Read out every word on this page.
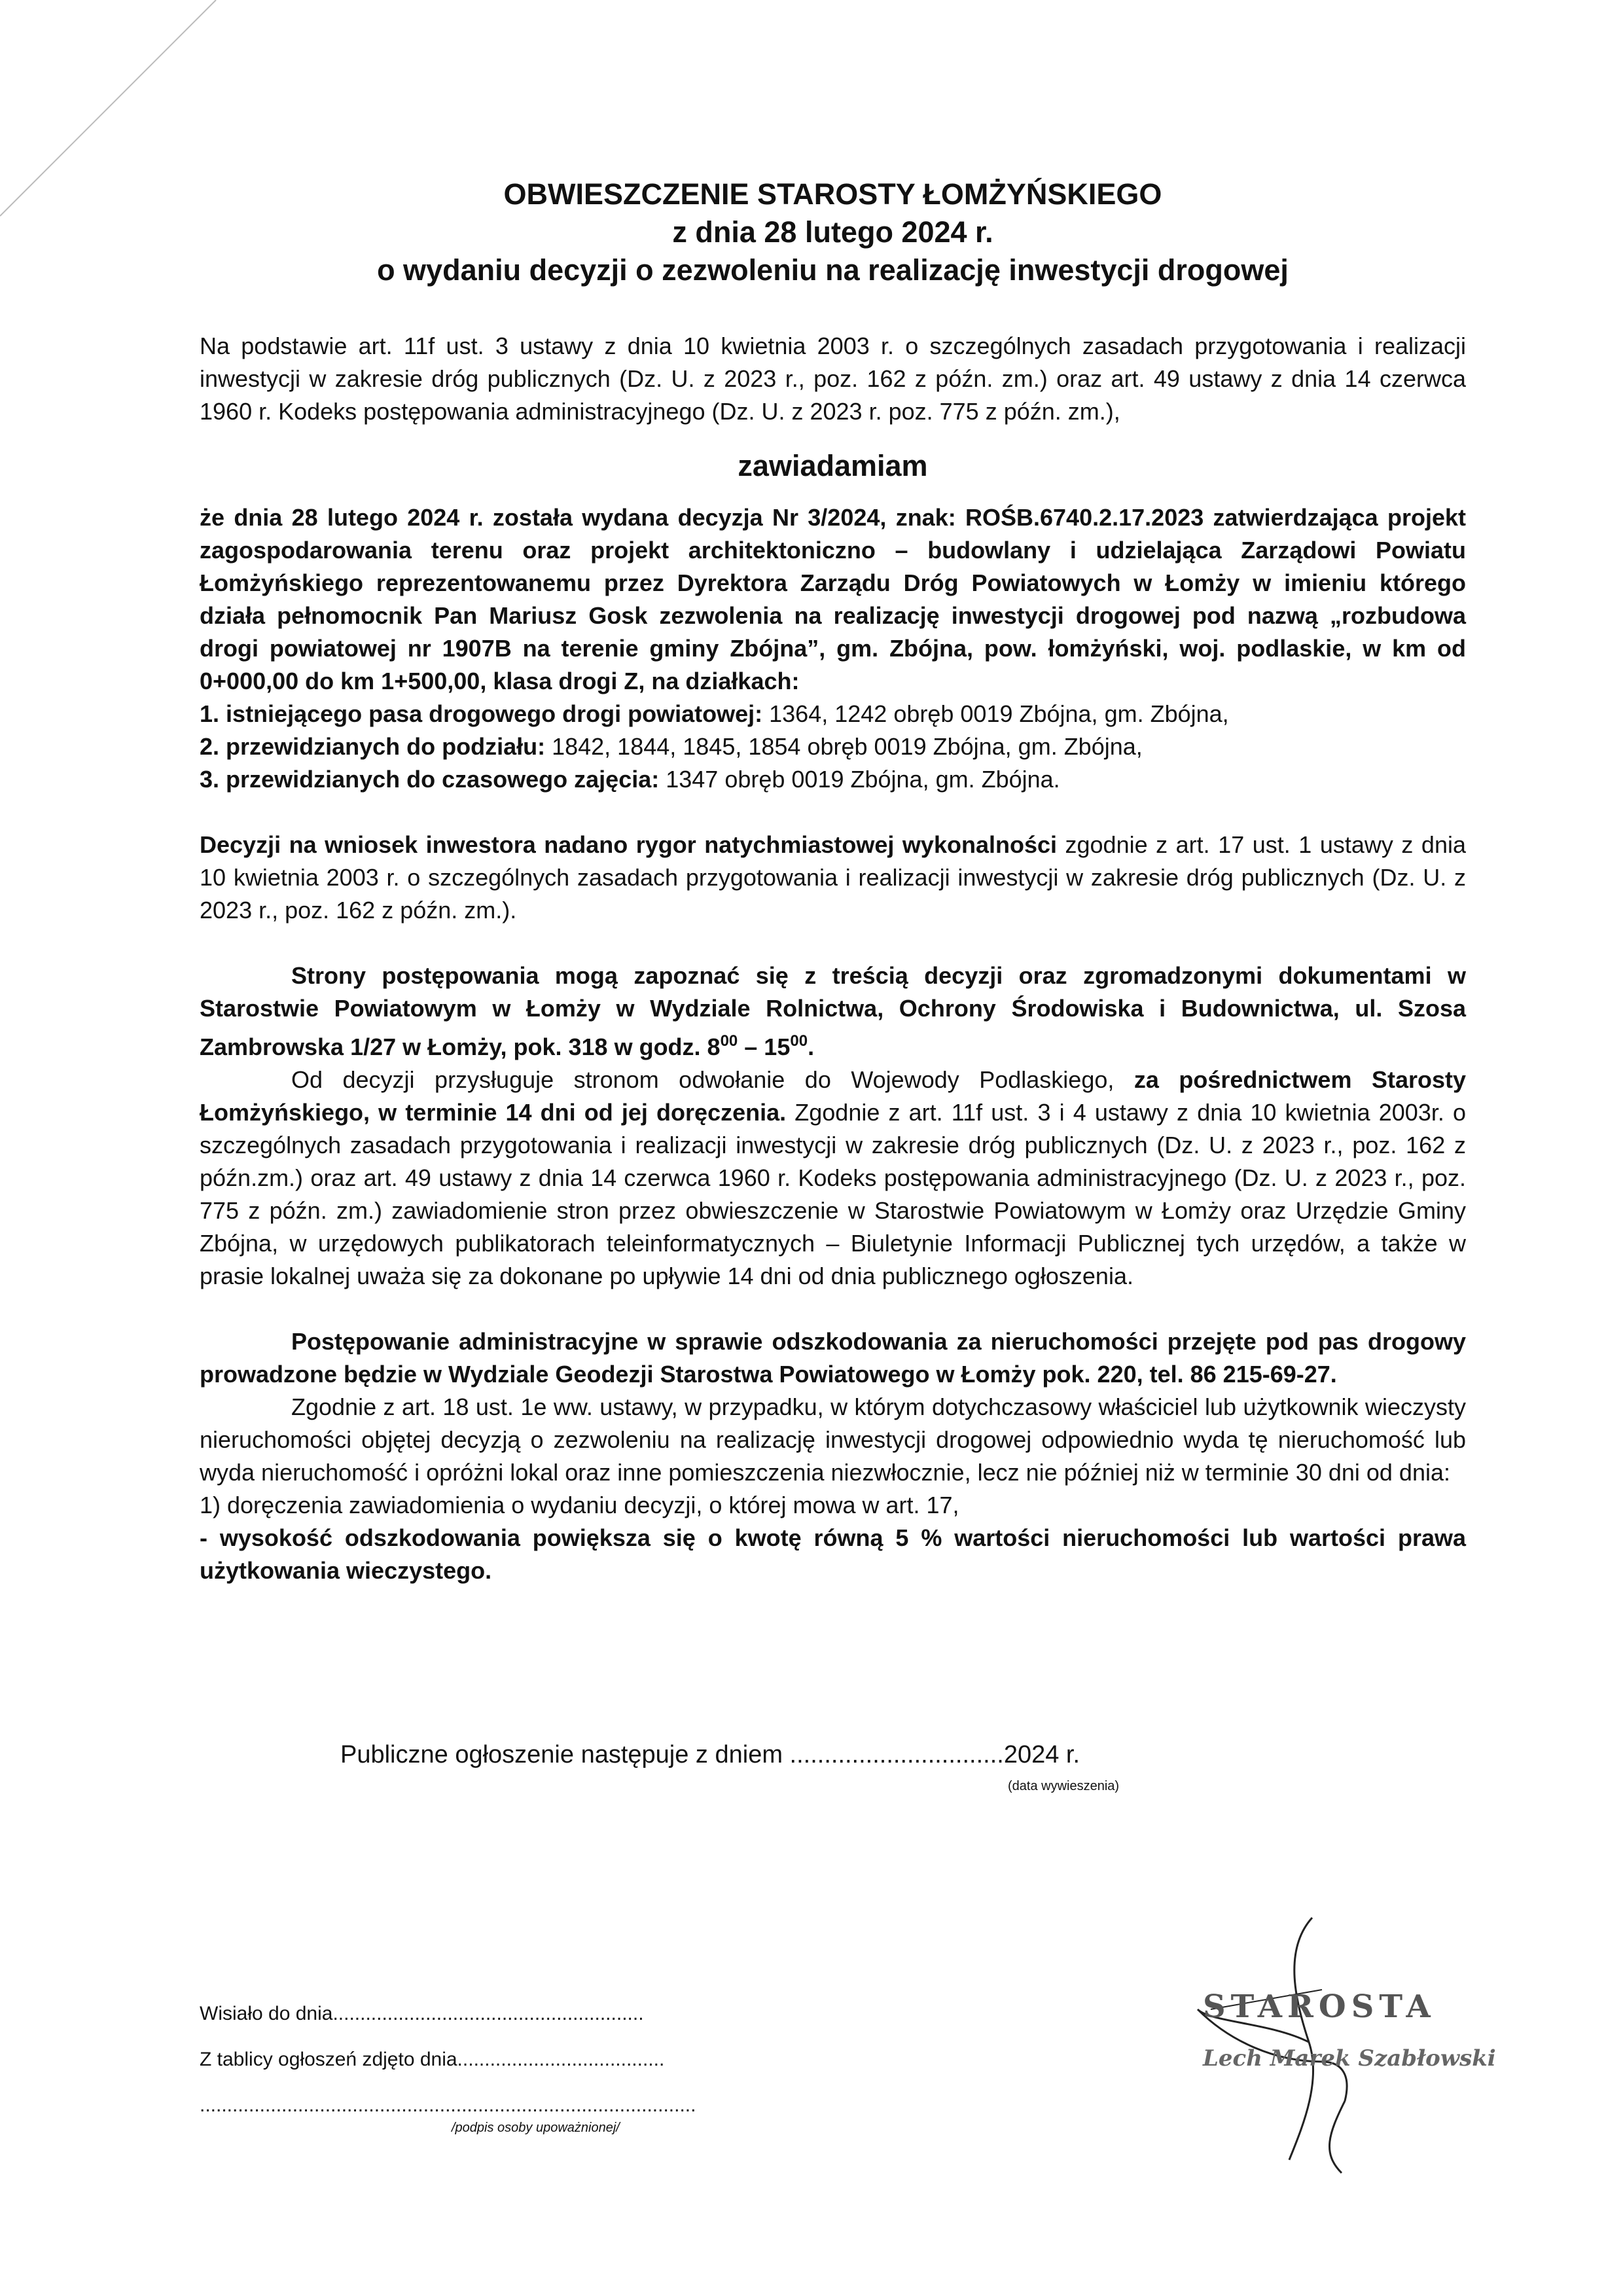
OBWIESZCZENIE STAROSTY ŁOMŻYŃSKIEGO
z dnia 28 lutego 2024 r.
o wydaniu decyzji o zezwoleniu na realizację inwestycji drogowej

Na podstawie art. 11f ust. 3 ustawy z dnia 10 kwietnia 2003 r. o szczególnych zasadach przygotowania i realizacji inwestycji w zakresie dróg publicznych (Dz. U. z 2023 r., poz. 162 z późn. zm.) oraz art. 49 ustawy z dnia 14 czerwca 1960 r. Kodeks postępowania administracyjnego (Dz. U. z 2023 r. poz. 775 z późn. zm.),

zawiadamiam

że dnia 28 lutego 2024 r. została wydana decyzja Nr 3/2024, znak: ROŚB.6740.2.17.2023 zatwierdzająca projekt zagospodarowania terenu oraz projekt architektoniczno – budowlany i udzielająca Zarządowi Powiatu Łomżyńskiego reprezentowanemu przez Dyrektora Zarządu Dróg Powiatowych w Łomży w imieniu którego działa pełnomocnik Pan Mariusz Gosk zezwolenia na realizację inwestycji drogowej pod nazwą „rozbudowa drogi powiatowej nr 1907B na terenie gminy Zbójna”, gm. Zbójna, pow. łomżyński, woj. podlaskie, w km od 0+000,00 do km 1+500,00, klasa drogi Z, na działkach:

1. istniejącego pasa drogowego drogi powiatowej: 1364, 1242 obręb 0019 Zbójna, gm. Zbójna,
2. przewidzianych do podziału: 1842, 1844, 1845, 1854 obręb 0019 Zbójna, gm. Zbójna,
3. przewidzianych do czasowego zajęcia: 1347 obręb 0019 Zbójna, gm. Zbójna.

Decyzji na wniosek inwestora nadano rygor natychmiastowej wykonalności zgodnie z art. 17 ust. 1 ustawy z dnia 10 kwietnia 2003 r. o szczególnych zasadach przygotowania i realizacji inwestycji w zakresie dróg publicznych (Dz. U. z 2023 r., poz. 162 z późn. zm.).

Strony postępowania mogą zapoznać się z treścią decyzji oraz zgromadzonymi dokumentami w Starostwie Powiatowym w Łomży w Wydziale Rolnictwa, Ochrony Środowiska i Budownictwa, ul. Szosa Zambrowska 1/27 w Łomży, pok. 318 w godz. $8^{00} - 15^{00}$.

Od decyzji przysługuje stronom odwołanie do Wojewody Podlaskiego, za pośrednictwem Starosty Łomżyńskiego, w terminie 14 dni od jej doręczenia. Zgodnie z art. 11f ust. 3 i 4 ustawy z dnia 10 kwietnia 2003r. o szczególnych zasadach przygotowania i realizacji inwestycji w zakresie dróg publicznych (Dz. U. z 2023 r., poz. 162 z późn.zm.) oraz art. 49 ustawy z dnia 14 czerwca 1960 r. Kodeks postępowania administracyjnego (Dz. U. z 2023 r., poz. 775 z późn. zm.) zawiadomienie stron przez obwieszczenie w Starostwie Powiatowym w Łomży oraz Urzędzie Gminy Zbójna, w urzędowych publikatorach teleinformatycznych – Biuletynie Informacji Publicznej tych urzędów, a także w prasie lokalnej uważa się za dokonane po upływie 14 dni od dnia publicznego ogłoszenia.

Postępowanie administracyjne w sprawie odszkodowania za nieruchomości przejęte pod pas drogowy prowadzone będzie w Wydziale Geodezji Starostwa Powiatowego w Łomży pok. 220, tel. 86 215-69-27.

Zgodnie z art. 18 ust. 1e ww. ustawy, w przypadku, w którym dotychczasowy właściciel lub użytkownik wieczysty nieruchomości objętej decyzją o zezwoleniu na realizację inwestycji drogowej odpowiednio wyda tę nieruchomość lub wyda nieruchomość i opróżni lokal oraz inne pomieszczenia niezwłocznie, lecz nie później niż w terminie 30 dni od dnia:

1) doręczenia zawiadomienia o wydaniu decyzji, o której mowa w art. 17,

- wysokość odszkodowania powiększa się o kwotę równą 5 % wartości nieruchomości lub wartości prawa użytkowania wieczystego.

Publiczne ogłoszenie następuje z dniem ...............................2024 r.
(data wywieszenia)
Wisiało do dnia.........................................................
Z tablicy ogłoszeń zdjęto dnia......................................
...........................................................................................
/podpis osoby upoważnionej/
STAROSTA
Lech Marek Szabłowski
